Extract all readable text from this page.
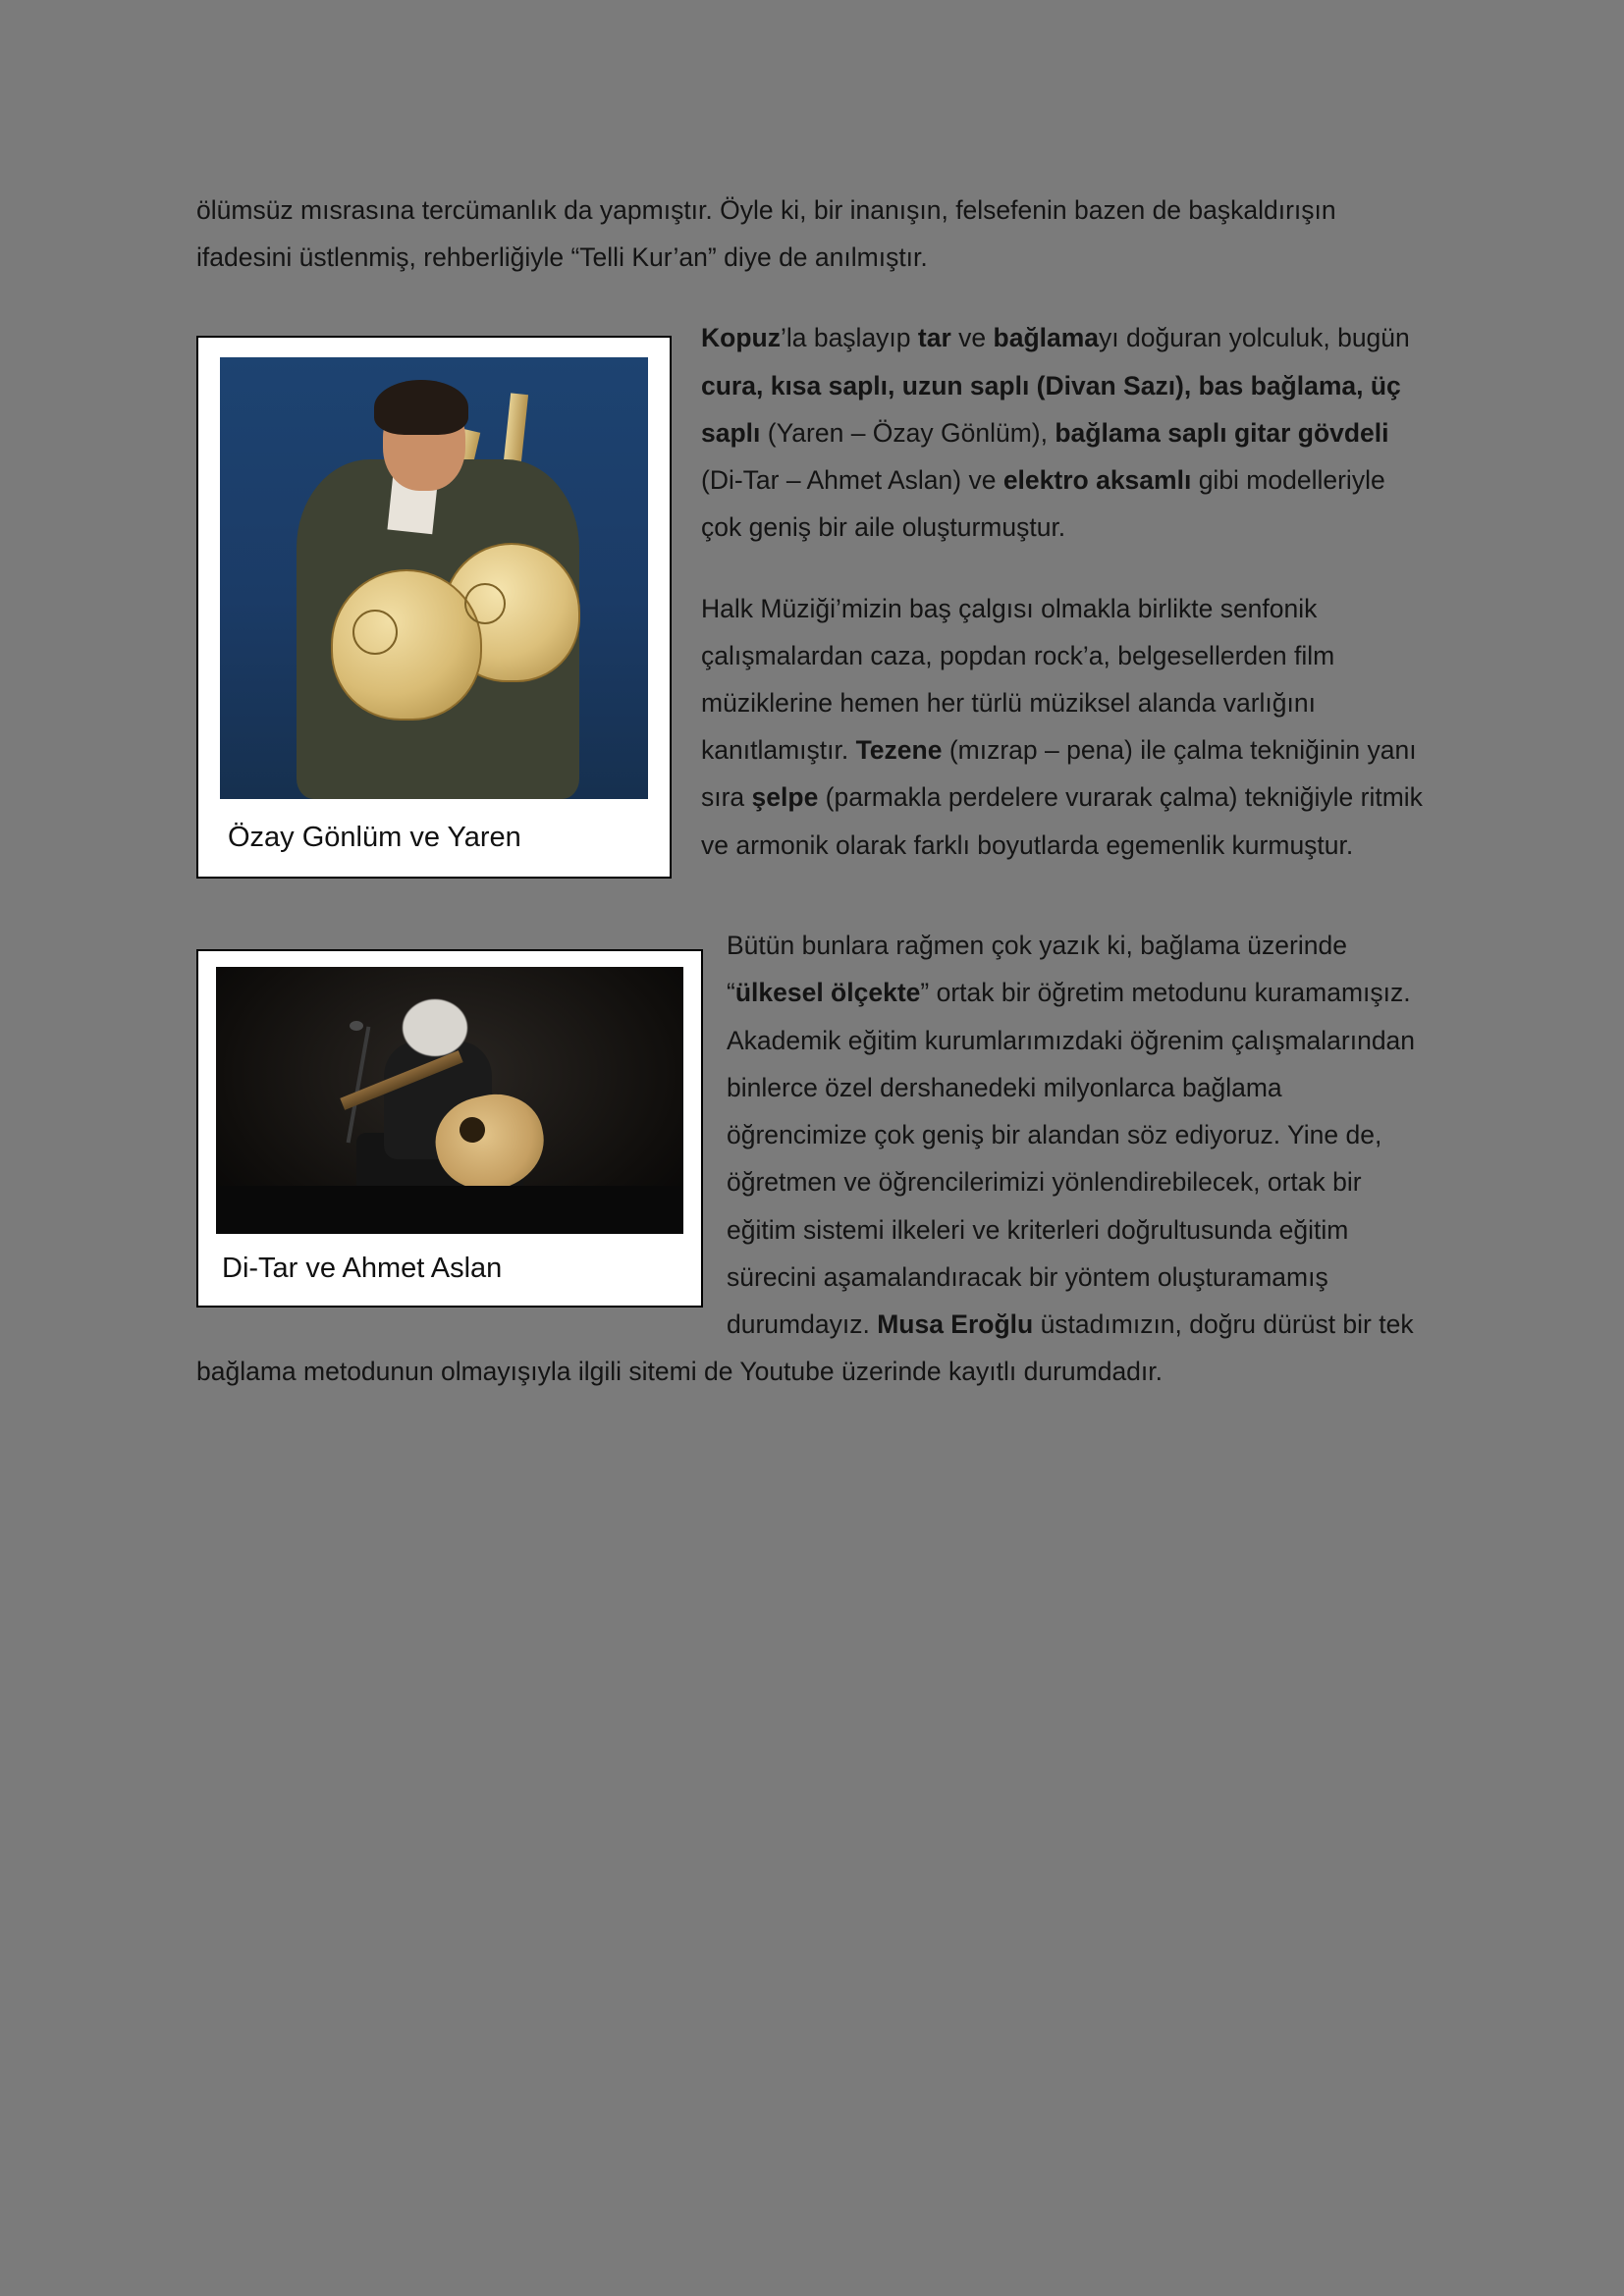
ölümsüz mısrasına tercümanlık da yapmıştır. Öyle ki, bir inanışın, felsefenin bazen de başkaldırışın ifadesini üstlenmiş, rehberliğiyle “Telli Kur’an” diye de anılmıştır.

Özay Gönlüm ve Yaren

Kopuz’la başlayıp tar ve bağlamayı doğuran yolculuk, bugün cura, kısa saplı, uzun saplı (Divan Sazı), bas bağlama, üç saplı (Yaren – Özay Gönlüm), bağlama saplı gitar gövdeli (Di-Tar – Ahmet Aslan) ve elektro aksamlı gibi modelleriyle çok geniş bir aile oluşturmuştur.

Halk Müziği’mizin baş çalgısı olmakla birlikte senfonik çalışmalardan caza, popdan rock’a, belgesellerden film müziklerine hemen her türlü müziksel alanda varlığını kanıtlamıştır. Tezene (mızrap – pena) ile çalma tekniğinin yanı sıra şelpe (parmakla perdelere vurarak çalma) tekniğiyle ritmik ve armonik olarak farklı boyutlarda egemenlik kurmuştur.

Di-Tar ve Ahmet Aslan

Bütün bunlara rağmen çok yazık ki, bağlama üzerinde “ülkesel ölçekte” ortak bir öğretim metodunu kuramamışız. Akademik eğitim kurumlarımızdaki öğrenim çalışmalarından binlerce özel dershanedeki milyonlarca bağlama öğrencimize çok geniş bir alandan söz ediyoruz. Yine de, öğretmen ve öğrencilerimizi yönlendirebilecek, ortak bir eğitim sistemi ilkeleri ve kriterleri doğrultusunda eğitim sürecini aşamalandıracak bir yöntem oluşturamamış durumdayız. Musa Eroğlu üstadımızın, doğru dürüst bir tek bağlama metodunun olmayışıyla ilgili sitemi de Youtube üzerinde kayıtlı durumdadır.
